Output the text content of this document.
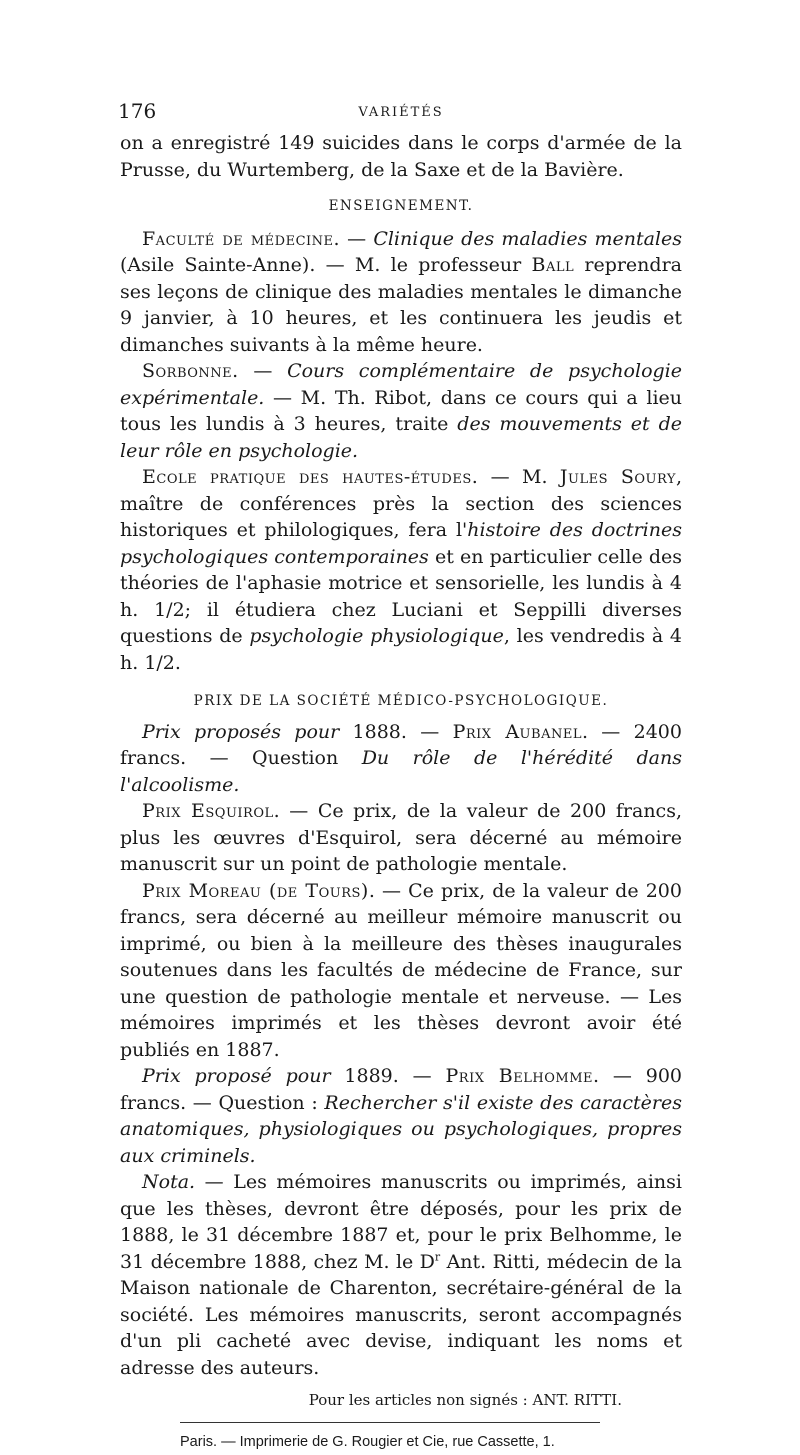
176	VARIÉTÉS

on a enregistré 149 suicides dans le corps d'armée de la Prusse, du Wurtemberg, de la Saxe et de la Bavière.

ENSEIGNEMENT.

Faculté de médecine. — Clinique des maladies mentales (Asile Sainte-Anne). — M. le professeur Ball reprendra ses leçons de clinique des maladies mentales le dimanche 9 janvier, à 10 heures, et les continuera les jeudis et dimanches suivants à la même heure.

Sorbonne. — Cours complémentaire de psychologie expérimentale. — M. Th. Ribot, dans ce cours qui a lieu tous les lundis à 3 heures, traite des mouvements et de leur rôle en psychologie.

Ecole pratique des hautes-études. — M. Jules Soury, maître de conférences près la section des sciences historiques et philologiques, fera l'histoire des doctrines psychologiques contemporaines et en particulier celle des théories de l'aphasie motrice et sensorielle, les lundis à 4 h. 1/2; il étudiera chez Luciani et Seppilli diverses questions de psychologie physiologique, les vendredis à 4 h. 1/2.

PRIX DE LA SOCIÉTÉ MÉDICO-PSYCHOLOGIQUE.

Prix proposés pour 1888. — Prix Aubanel. — 2400 francs. — Question Du rôle de l'hérédité dans l'alcoolisme.

Prix Esquirol. — Ce prix, de la valeur de 200 francs, plus les œuvres d'Esquirol, sera décerné au mémoire manuscrit sur un point de pathologie mentale.

Prix Moreau (de Tours). — Ce prix, de la valeur de 200 francs, sera décerné au meilleur mémoire manuscrit ou imprimé, ou bien à la meilleure des thèses inaugurales soutenues dans les facultés de médecine de France, sur une question de pathologie mentale et nerveuse. — Les mémoires imprimés et les thèses devront avoir été publiés en 1887.

Prix proposé pour 1889. — Prix Belhomme. — 900 francs. — Question : Rechercher s'il existe des caractères anatomiques, physiologiques ou psychologiques, propres aux criminels.

Nota. — Les mémoires manuscrits ou imprimés, ainsi que les thèses, devront être déposés, pour les prix de 1888, le 31 décembre 1887 et, pour le prix Belhomme, le 31 décembre 1888, chez M. le $D^r$ Ant. Ritti, médecin de la Maison nationale de Charenton, secrétaire-général de la société. Les mémoires manuscrits, seront accompagnés d'un pli cacheté avec devise, indiquant les noms et adresse des auteurs.

Pour les articles non signés : ANT. RITTI.
Paris. — Imprimerie de G. Rougier et Cie, rue Cassette, 1.
